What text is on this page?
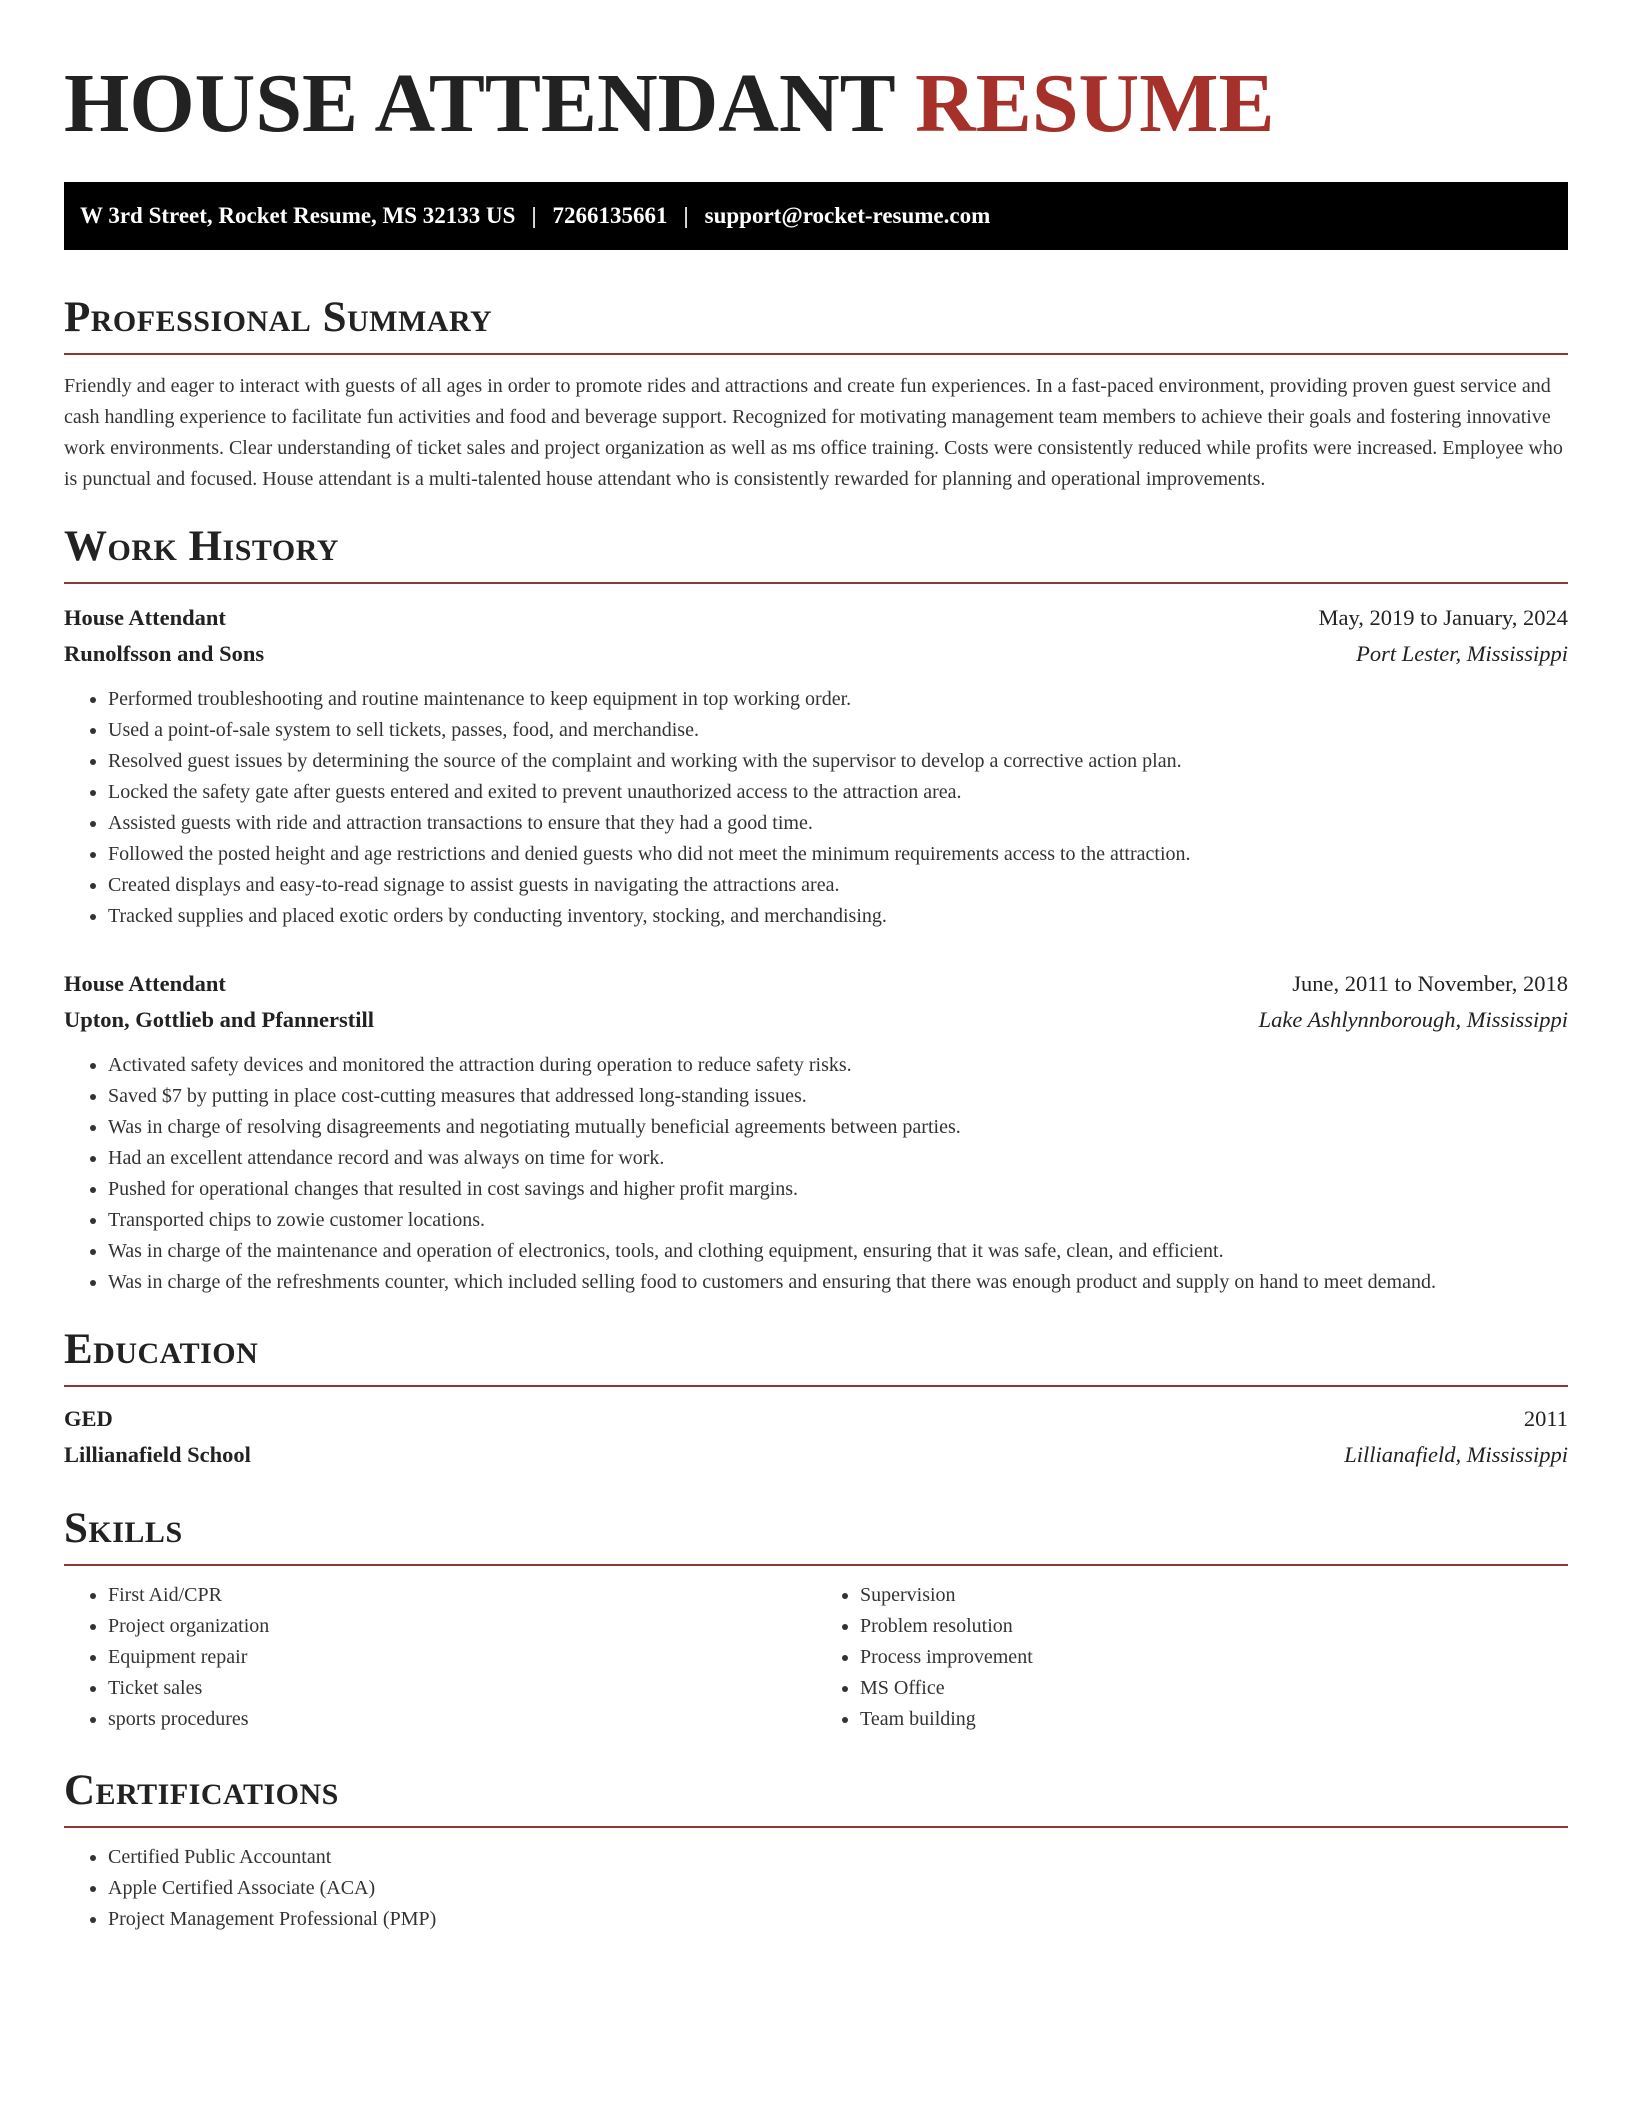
HOUSE ATTENDANT RESUME
W 3rd Street, Rocket Resume, MS 32133 US | 7266135661 | support@rocket-resume.com
Professional Summary

Friendly and eager to interact with guests of all ages in order to promote rides and attractions and create fun experiences. In a fast-paced environment, providing proven guest service and cash handling experience to facilitate fun activities and food and beverage support. Recognized for motivating management team members to achieve their goals and fostering innovative work environments. Clear understanding of ticket sales and project organization as well as ms office training. Costs were consistently reduced while profits were increased. Employee who is punctual and focused. House attendant is a multi-talented house attendant who is consistently rewarded for planning and operational improvements.

Work History
House Attendant	May, 2019 to January, 2024
Runolfsson and Sons	Port Lester, Mississippi
• Performed troubleshooting and routine maintenance to keep equipment in top working order.
• Used a point-of-sale system to sell tickets, passes, food, and merchandise.
• Resolved guest issues by determining the source of the complaint and working with the supervisor to develop a corrective action plan.
• Locked the safety gate after guests entered and exited to prevent unauthorized access to the attraction area.
• Assisted guests with ride and attraction transactions to ensure that they had a good time.
• Followed the posted height and age restrictions and denied guests who did not meet the minimum requirements access to the attraction.
• Created displays and easy-to-read signage to assist guests in navigating the attractions area.
• Tracked supplies and placed exotic orders by conducting inventory, stocking, and merchandising.
House Attendant	June, 2011 to November, 2018
Upton, Gottlieb and Pfannerstill	Lake Ashlynnborough, Mississippi
• Activated safety devices and monitored the attraction during operation to reduce safety risks.
• Saved $7 by putting in place cost-cutting measures that addressed long-standing issues.
• Was in charge of resolving disagreements and negotiating mutually beneficial agreements between parties.
• Had an excellent attendance record and was always on time for work.
• Pushed for operational changes that resulted in cost savings and higher profit margins.
• Transported chips to zowie customer locations.
• Was in charge of the maintenance and operation of electronics, tools, and clothing equipment, ensuring that it was safe, clean, and efficient.
• Was in charge of the refreshments counter, which included selling food to customers and ensuring that there was enough product and supply on hand to meet demand.
Education
GED	2011
Lillianafield School	Lillianafield, Mississippi
Skills
• First Aid/CPR
• Project organization
• Equipment repair
• Ticket sales
• sports procedures
• Supervision
• Problem resolution
• Process improvement
• MS Office
• Team building
Certifications
• Certified Public Accountant
• Apple Certified Associate (ACA)
• Project Management Professional (PMP)
